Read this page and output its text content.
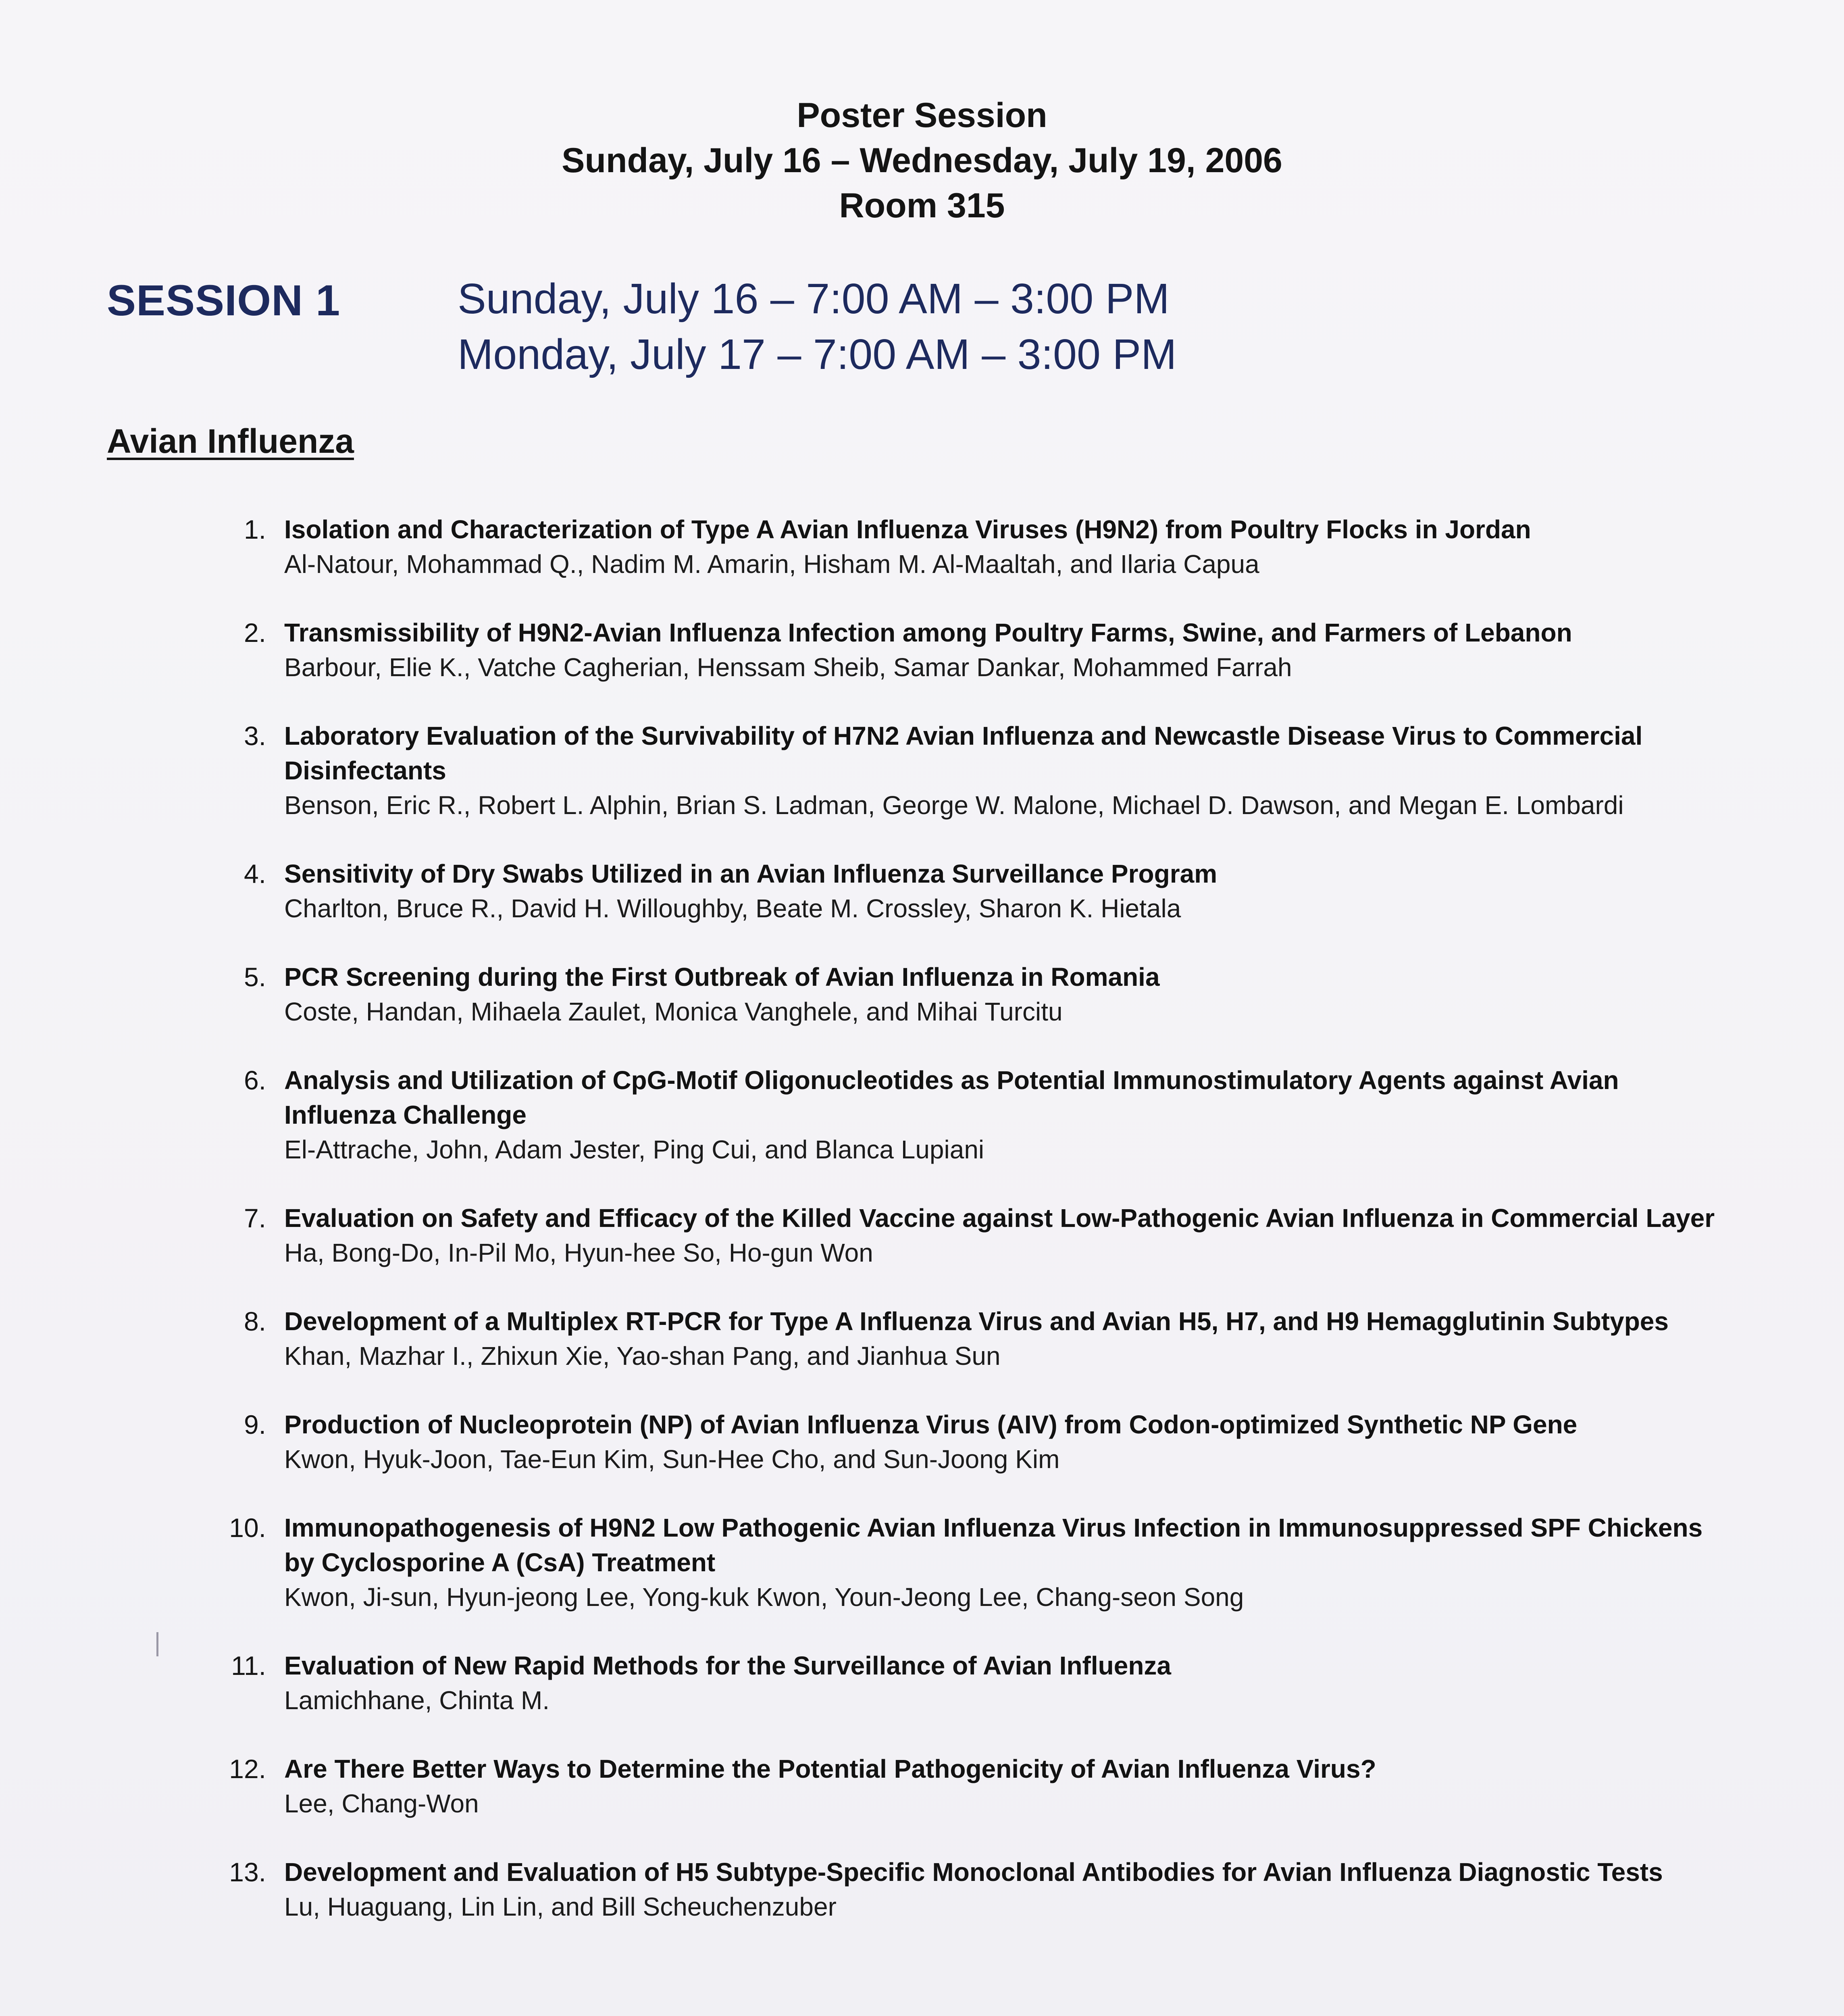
Poster Session
Sunday, July 16 – Wednesday, July 19, 2006
Room 315
SESSION 1	Sunday, July 16 – 7:00 AM – 3:00 PM
Monday, July 17 – 7:00 AM – 3:00 PM
Avian Influenza
1. Isolation and Characterization of Type A Avian Influenza Viruses (H9N2) from Poultry Flocks in Jordan
Al-Natour, Mohammad Q., Nadim M. Amarin, Hisham M. Al-Maaltah, and Ilaria Capua
2. Transmissibility of H9N2-Avian Influenza Infection among Poultry Farms, Swine, and Farmers of Lebanon
Barbour, Elie K., Vatche Cagherian, Henssam Sheib, Samar Dankar, Mohammed Farrah
3. Laboratory Evaluation of the Survivability of H7N2 Avian Influenza and Newcastle Disease Virus to Commercial Disinfectants
Benson, Eric R., Robert L. Alphin, Brian S. Ladman, George W. Malone, Michael D. Dawson, and Megan E. Lombardi
4. Sensitivity of Dry Swabs Utilized in an Avian Influenza Surveillance Program
Charlton, Bruce R., David H. Willoughby, Beate M. Crossley, Sharon K. Hietala
5. PCR Screening during the First Outbreak of Avian Influenza in Romania
Coste, Handan, Mihaela Zaulet, Monica Vanghele, and Mihai Turcitu
6. Analysis and Utilization of CpG-Motif Oligonucleotides as Potential Immunostimulatory Agents against Avian Influenza Challenge
El-Attrache, John, Adam Jester, Ping Cui, and Blanca Lupiani
7. Evaluation on Safety and Efficacy of the Killed Vaccine against Low-Pathogenic Avian Influenza in Commercial Layer
Ha, Bong-Do, In-Pil Mo, Hyun-hee So, Ho-gun Won
8. Development of a Multiplex RT-PCR for Type A Influenza Virus and Avian H5, H7, and H9 Hemagglutinin Subtypes
Khan, Mazhar I., Zhixun Xie, Yao-shan Pang, and Jianhua Sun
9. Production of Nucleoprotein (NP) of Avian Influenza Virus (AIV) from Codon-optimized Synthetic NP Gene
Kwon, Hyuk-Joon, Tae-Eun Kim, Sun-Hee Cho, and Sun-Joong Kim
10. Immunopathogenesis of H9N2 Low Pathogenic Avian Influenza Virus Infection in Immunosuppressed SPF Chickens by Cyclosporine A (CsA) Treatment
Kwon, Ji-sun, Hyun-jeong Lee, Yong-kuk Kwon, Youn-Jeong Lee, Chang-seon Song
11. Evaluation of New Rapid Methods for the Surveillance of Avian Influenza
Lamichhane, Chinta M.
12. Are There Better Ways to Determine the Potential Pathogenicity of Avian Influenza Virus?
Lee, Chang-Won
13. Development and Evaluation of H5 Subtype-Specific Monoclonal Antibodies for Avian Influenza Diagnostic Tests
Lu, Huaguang, Lin Lin, and Bill Scheuchenzuber
